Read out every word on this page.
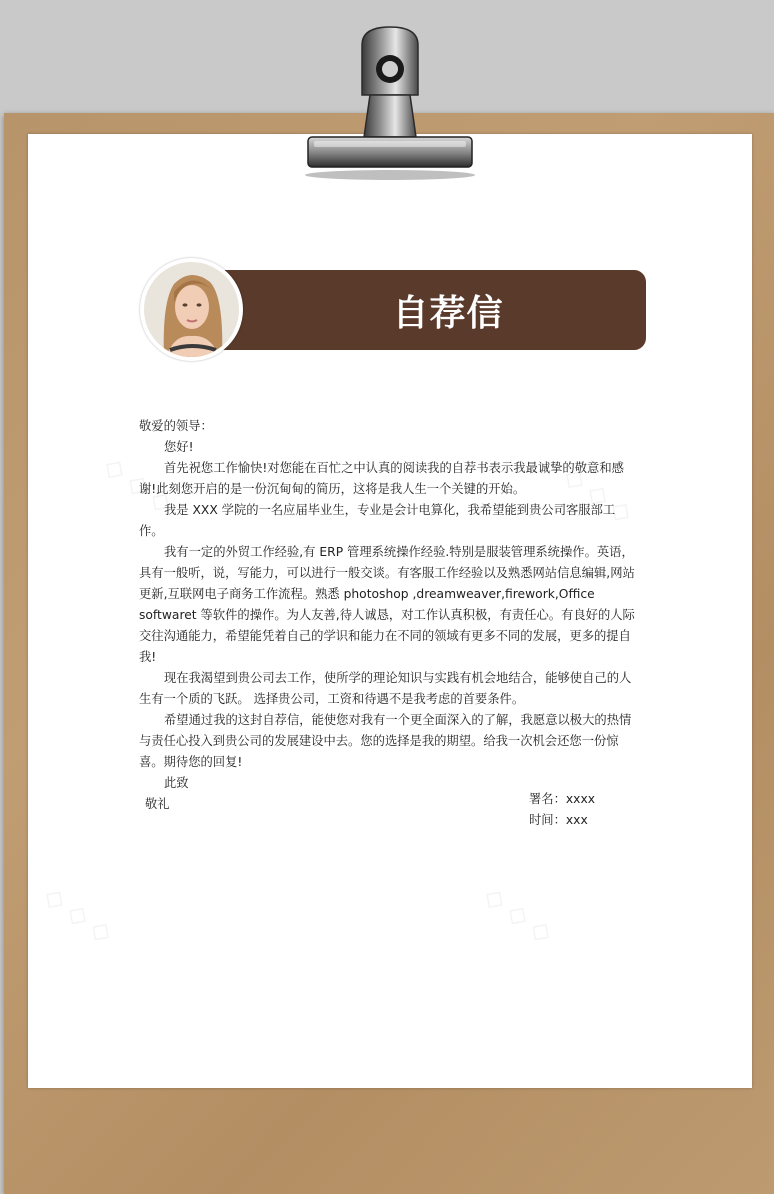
自荐信

敬爱的领导：

您好!

首先祝您工作愉快!对您能在百忙之中认真的阅读我的自荐书表示我最诚挚的敬意和感谢!此刻您开启的是一份沉甸甸的简历，这将是我人生一个关键的开始。

我是 XXX 学院的一名应届毕业生，专业是会计电算化，我希望能到贵公司客服部工作。

我有一定的外贸工作经验,有 ERP 管理系统操作经验.特别是服装管理系统操作。英语，具有一般听，说，写能力，可以进行一般交谈。有客服工作经验以及熟悉网站信息编辑,网站更新,互联网电子商务工作流程。熟悉 photoshop ,dreamweaver,firework,Office softwaret 等软件的操作。为人友善,待人诚恳，对工作认真积极，有责任心。有良好的人际交往沟通能力，希望能凭着自己的学识和能力在不同的领域有更多不同的发展，更多的提自我!

现在我渴望到贵公司去工作，使所学的理论知识与实践有机会地结合，能够使自己的人生有一个质的飞跃。 选择贵公司，工资和待遇不是我考虑的首要条件。

希望通过我的这封自荐信，能使您对我有一个更全面深入的了解，我愿意以极大的热情与责任心投入到贵公司的发展建设中去。您的选择是我的期望。给我一次机会还您一份惊喜。期待您的回复!

此致

敬礼	署名：xxxx
时间：xxx
